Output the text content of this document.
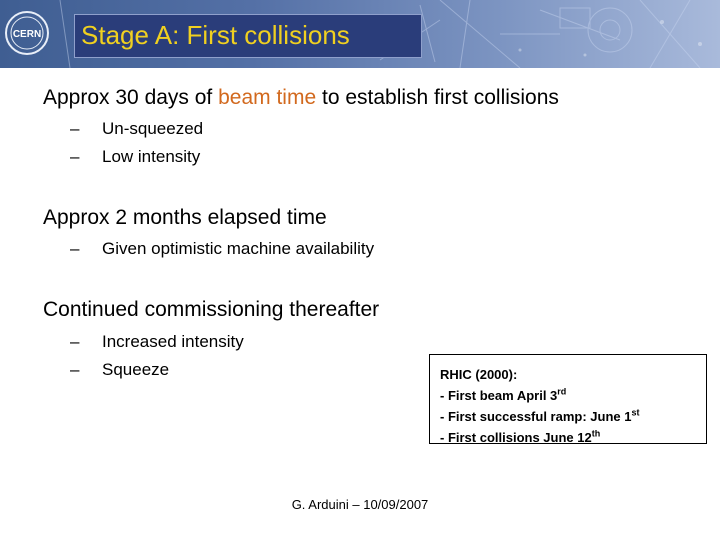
CERN Stage A: First collisions
Approx 30 days of beam time to establish first collisions
– Un-squeezed
– Low intensity
Approx 2 months elapsed time
– Given optimistic machine availability
Continued commissioning thereafter
– Increased intensity
– Squeeze	RHIC (2000):
- First beam April 3rd
- First successful ramp: June 1st
- First collisions June 12th
G. Arduini – 10/09/2007
